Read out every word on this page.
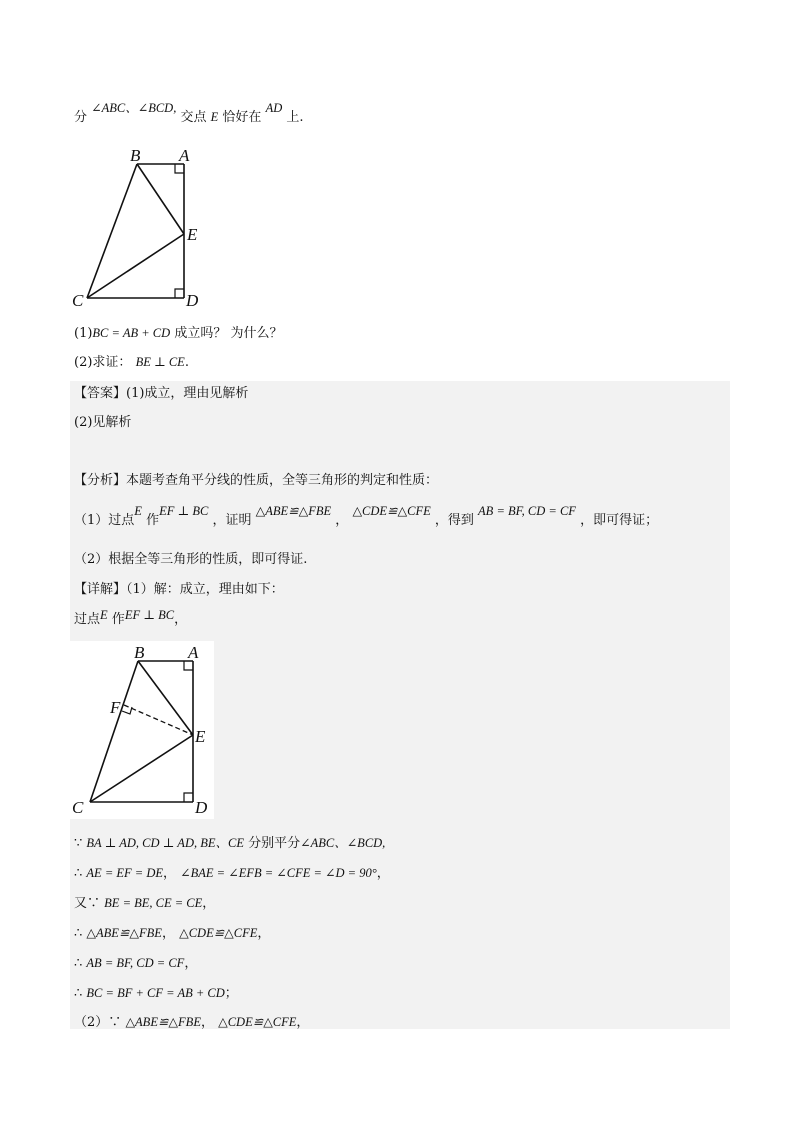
分 ∠ABC、∠BCD, 交点 E 恰好在 AD 上.
B A
E
C	D
(1)BC = AB + CD 成立吗？ 为什么？
(2)求证： BE ⊥ CE.
【答案】(1)成立，理由见解析
(2)见解析
【分析】本题考查角平分线的性质，全等三角形的判定和性质：
（1）过点E 作EF ⊥ BC ，证明 △ABE≌△FBE ， △CDE≌△CFE ，得到 AB = BF, CD = CF ，即可得证；
（2）根据全等三角形的性质，即可得证.
【详解】（1）解：成立，理由如下：
过点E 作EF ⊥ BC，
B	A
F
E
C	D
∵ BA ⊥ AD, CD ⊥ AD, BE、CE 分别平分∠ABC、∠BCD,
∴ AE = EF = DE， ∠BAE = ∠EFB = ∠CFE = ∠D = 90°，
又∵ BE = BE, CE = CE，
∴ △ABE≌△FBE， △CDE≌△CFE，
∴ AB = BF, CD = CF，
∴ BC = BF + CF = AB + CD；
（2）∵ △ABE≌△FBE， △CDE≌△CFE，
